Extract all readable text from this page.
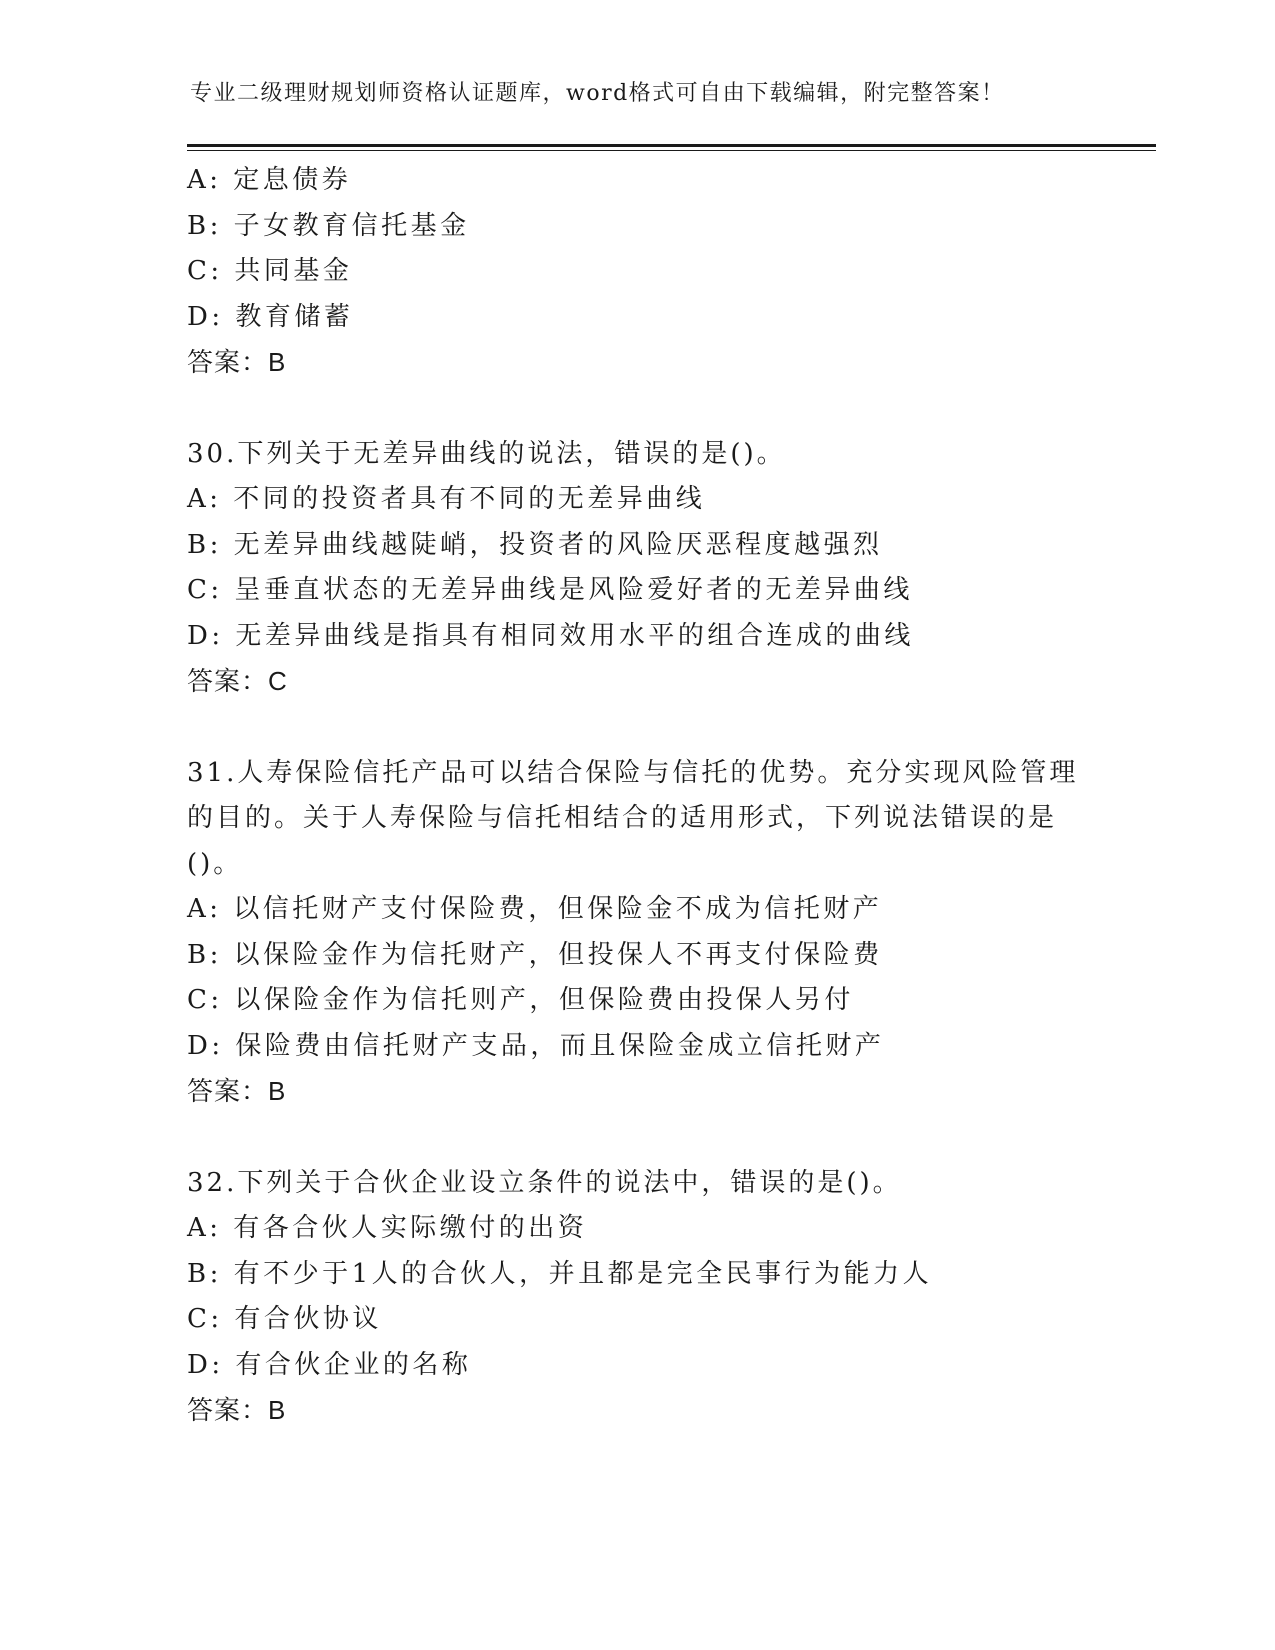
专业二级理财规划师资格认证题库，word格式可自由下载编辑，附完整答案！
A: 定息债券
B: 子女教育信托基金
C: 共同基金
D: 教育储蓄
答案：B
30.下列关于无差异曲线的说法，错误的是()。
A: 不同的投资者具有不同的无差异曲线
B: 无差异曲线越陡峭，投资者的风险厌恶程度越强烈
C: 呈垂直状态的无差异曲线是风险爱好者的无差异曲线
D: 无差异曲线是指具有相同效用水平的组合连成的曲线
答案：C
31.人寿保险信托产品可以结合保险与信托的优势。充分实现风险管理
的目的。关于人寿保险与信托相结合的适用形式，下列说法错误的是
()。
A: 以信托财产支付保险费，但保险金不成为信托财产
B: 以保险金作为信托财产，但投保人不再支付保险费
C: 以保险金作为信托则产，但保险费由投保人另付
D: 保险费由信托财产支品，而且保险金成立信托财产
答案：B
32.下列关于合伙企业设立条件的说法中，错误的是()。
A: 有各合伙人实际缴付的出资
B: 有不少于1人的合伙人，并且都是完全民事行为能力人
C: 有合伙协议
D: 有合伙企业的名称
答案：B
